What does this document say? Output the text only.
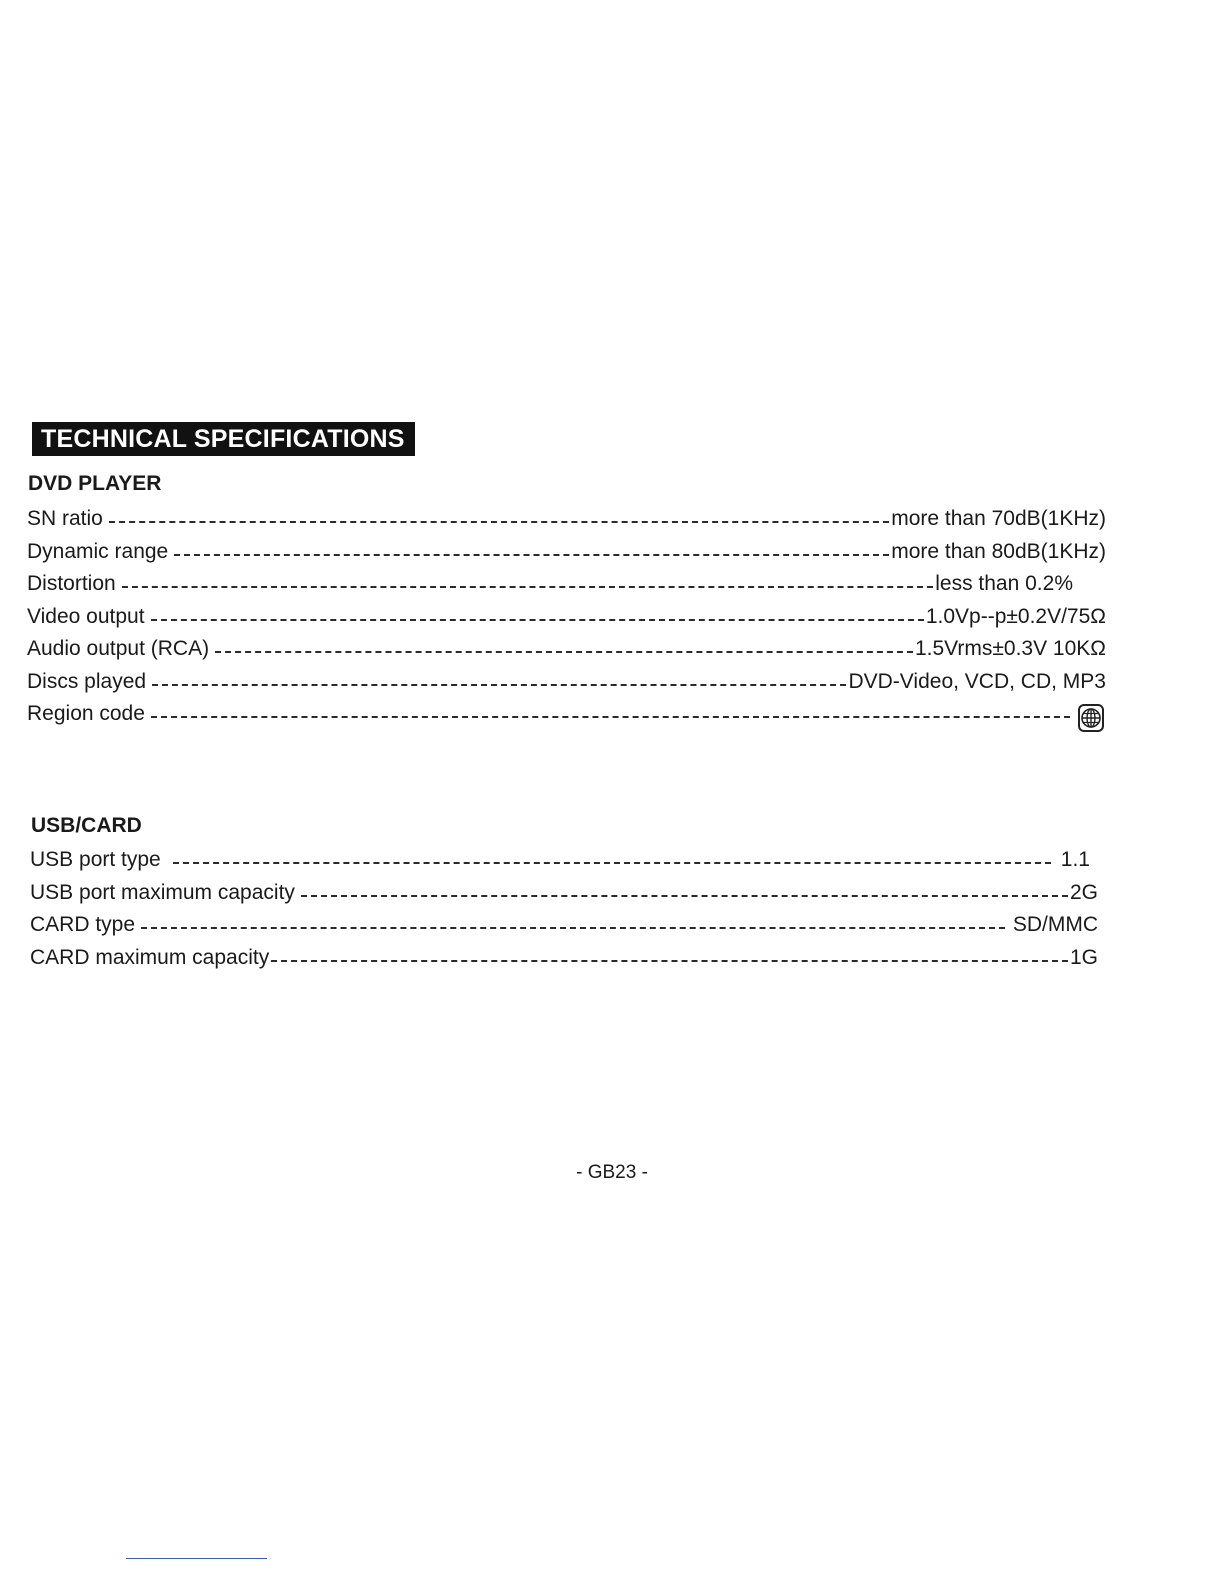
TECHNICAL SPECIFICATIONS
DVD PLAYER
SN ratio	more than 70dB(1KHz)
Dynamic range	more than 80dB(1KHz)
Distortion	less than 0.2%
Video output	1.0Vp--p±0.2V/75Ω
Audio output (RCA)	1.5Vrms±0.3V 10KΩ
Discs played	DVD-Video, VCD, CD, MP3
Region code
USB/CARD
USB port type	1.1
USB port maximum capacity	2G
CARD type	SD/MMC
CARD maximum capacity	1G
- GB23 -
